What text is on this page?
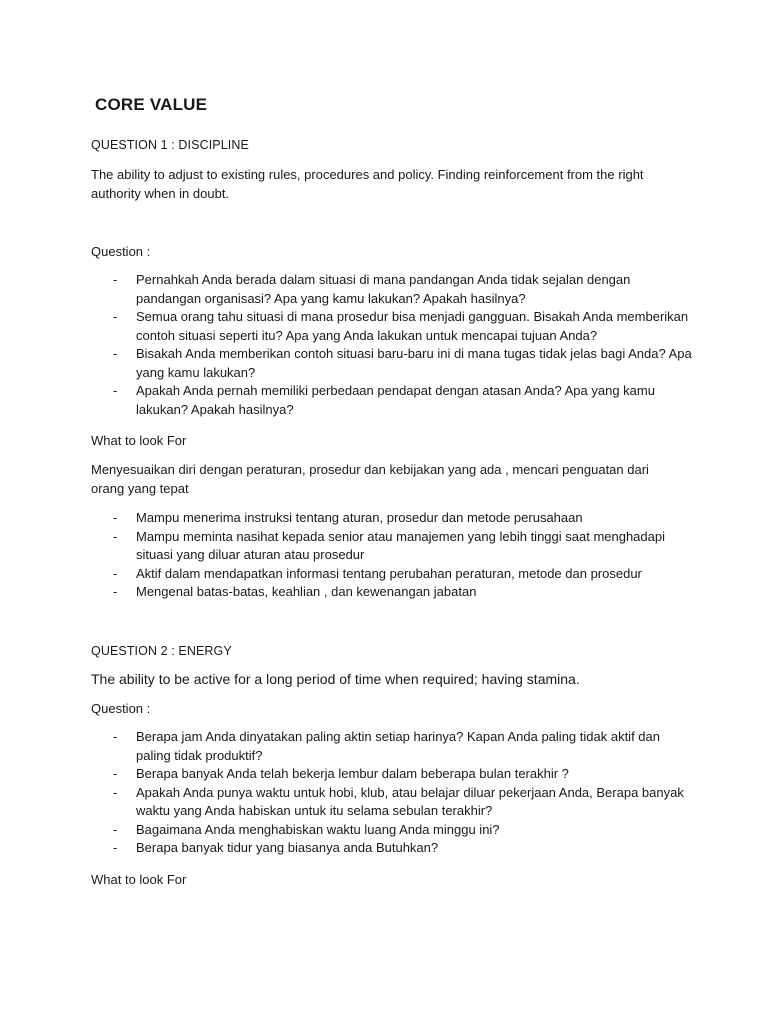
CORE VALUE

QUESTION 1 : DISCIPLINE

The ability to adjust to existing rules, procedures and policy. Finding reinforcement from the right authority when in doubt.

Question :

- Pernahkah Anda berada dalam situasi di mana pandangan Anda tidak sejalan dengan pandangan organisasi? Apa yang kamu lakukan? Apakah hasilnya?
- Semua orang tahu situasi di mana prosedur bisa menjadi gangguan. Bisakah Anda memberikan contoh situasi seperti itu? Apa yang Anda lakukan untuk mencapai tujuan Anda?
- Bisakah Anda memberikan contoh situasi baru-baru ini di mana tugas tidak jelas bagi Anda? Apa yang kamu lakukan?
- Apakah Anda pernah memiliki perbedaan pendapat dengan atasan Anda? Apa yang kamu lakukan? Apakah hasilnya?

What to look For

Menyesuaikan diri dengan peraturan, prosedur dan kebijakan yang ada , mencari penguatan dari orang yang tepat

- Mampu menerima instruksi tentang aturan, prosedur dan metode perusahaan
- Mampu meminta nasihat kepada senior atau manajemen yang lebih tinggi saat menghadapi situasi yang diluar aturan atau prosedur
- Aktif dalam mendapatkan informasi tentang perubahan peraturan, metode dan prosedur
- Mengenal batas-batas, keahlian , dan kewenangan jabatan

QUESTION 2 : ENERGY

The ability to be active for a long period of time when required; having stamina.

Question :

- Berapa jam Anda dinyatakan paling aktin setiap harinya? Kapan Anda paling tidak aktif dan paling tidak produktif?
- Berapa banyak Anda telah bekerja lembur dalam beberapa bulan terakhir ?
- Apakah Anda punya waktu untuk hobi, klub, atau belajar diluar pekerjaan Anda, Berapa banyak waktu yang Anda habiskan untuk itu selama sebulan terakhir?
- Bagaimana Anda menghabiskan waktu luang Anda minggu ini?
- Berapa banyak tidur yang biasanya anda Butuhkan?

What to look For
